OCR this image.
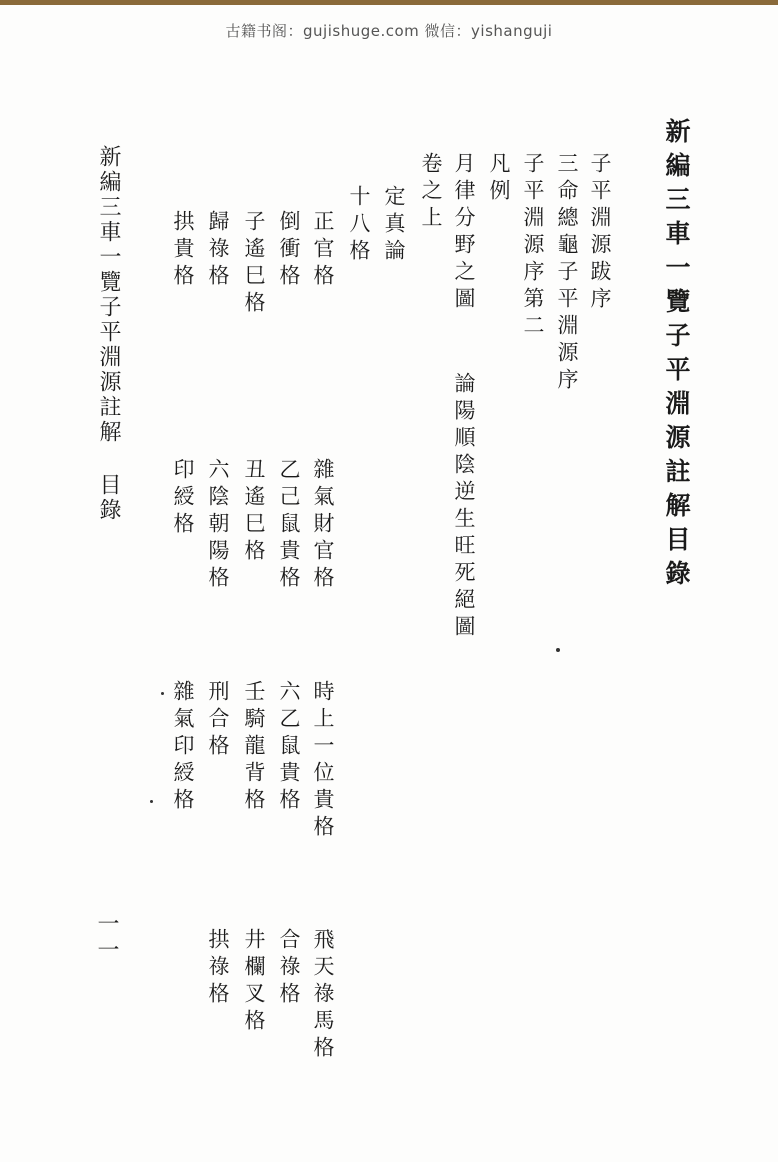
古籍书阁：gujishuge.com 微信：yishanguji
新編三車一覽子平淵源註解目錄
子平淵源跋序
三命總龜子平淵源序
子平淵源序第二
凡例
月律分野之圖
論陽順陰逆生旺死絕圖
卷之上
定真論
十八格
正官格
雜氣財官格
時上一位貴格
飛天祿馬格
倒衝格
乙己鼠貴格
六乙鼠貴格
合祿格
子遙巳格
丑遙巳格
壬騎龍背格
井欄叉格
歸祿格
六陰朝陽格
刑合格
拱祿格
拱貴格
印綬格
雜氣印綬格
新編三車一覽子平淵源註解目錄
一一
